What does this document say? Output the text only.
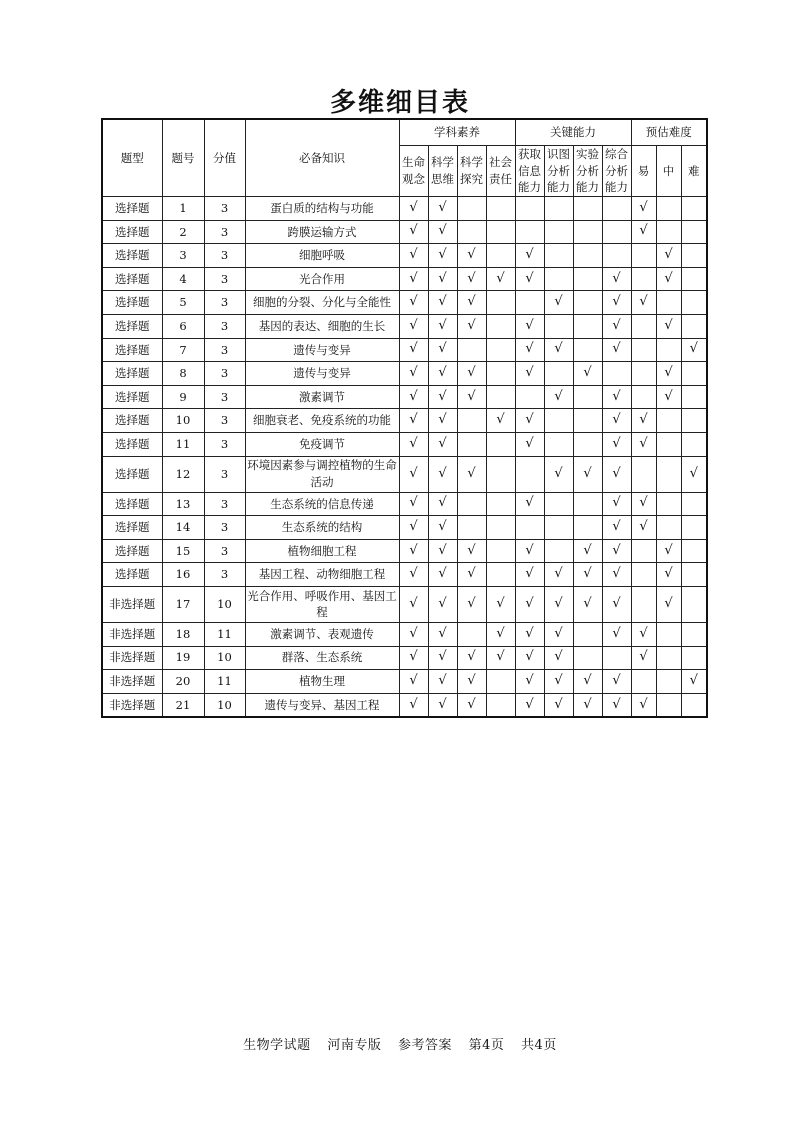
多维细目表
题型	题号	分值	必备知识	学科素养				关键能力				预估难度		
				生命观念	科学思维	科学探究	社会责任	获取信息能力	识图分析能力	实验分析能力	综合分析能力	易	中	难
选择题	1	3	蛋白质的结构与功能	√	√							√		
选择题	2	3	跨膜运输方式	√	√							√		
选择题	3	3	细胞呼吸	√	√	√		√					√	
选择题	4	3	光合作用	√	√	√	√	√			√		√	
选择题	5	3	细胞的分裂、分化与全能性	√	√	√			√		√	√		
选择题	6	3	基因的表达、细胞的生长	√	√	√		√			√		√	
选择题	7	3	遗传与变异	√	√			√	√		√			√
选择题	8	3	遗传与变异	√	√	√		√		√			√	
选择题	9	3	激素调节	√	√	√			√		√		√	
选择题	10	3	细胞衰老、免疫系统的功能	√	√		√	√			√	√		
选择题	11	3	免疫调节	√	√			√			√	√		
选择题	12	3	环境因素参与调控植物的生命活动	√	√	√			√	√	√			√
选择题	13	3	生态系统的信息传递	√	√			√			√	√		
选择题	14	3	生态系统的结构	√	√						√	√		
选择题	15	3	植物细胞工程	√	√	√		√		√	√		√	
选择题	16	3	基因工程、动物细胞工程	√	√	√		√	√	√	√		√	
非选择题	17	10	光合作用、呼吸作用、基因工程	√	√	√	√	√	√	√	√		√	
非选择题	18	11	激素调节、表观遗传	√	√		√	√	√		√	√		
非选择题	19	10	群落、生态系统	√	√	√	√	√	√			√		
非选择题	20	11	植物生理	√	√	√		√	√	√	√			√
非选择题	21	10	遗传与变异、基因工程	√	√	√		√	√	√	√	√		
生物学试题 河南专版 参考答案 第4页 共4页
